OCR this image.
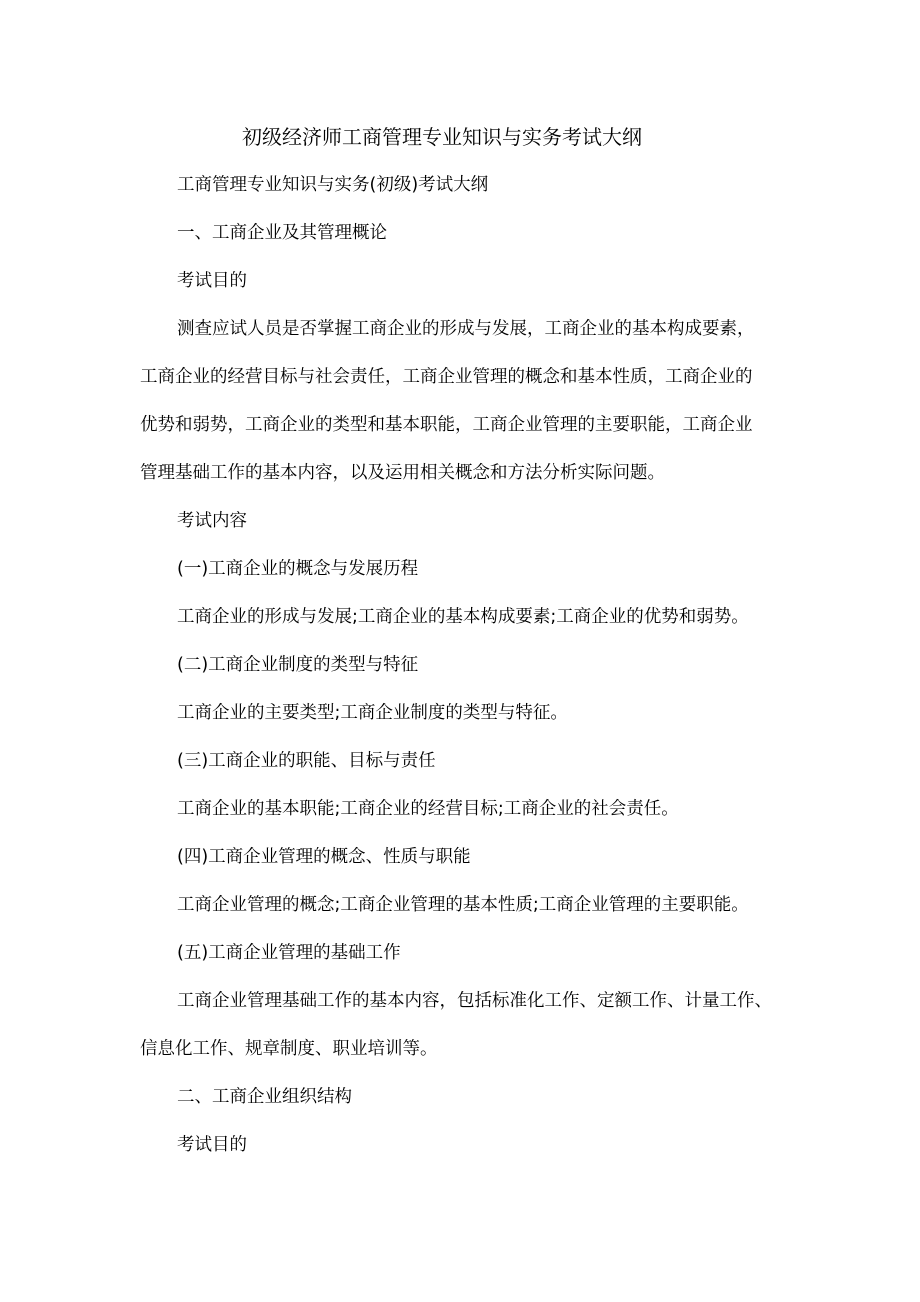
初级经济师工商管理专业知识与实务考试大纲
工商管理专业知识与实务(初级)考试大纲
一、工商企业及其管理概论
考试目的
测查应试人员是否掌握工商企业的形成与发展，工商企业的基本构成要素，
工商企业的经营目标与社会责任，工商企业管理的概念和基本性质，工商企业的
优势和弱势，工商企业的类型和基本职能，工商企业管理的主要职能，工商企业
管理基础工作的基本内容，以及运用相关概念和方法分析实际问题。
考试内容
(一)工商企业的概念与发展历程
工商企业的形成与发展;工商企业的基本构成要素;工商企业的优势和弱势。
(二)工商企业制度的类型与特征
工商企业的主要类型;工商企业制度的类型与特征。
(三)工商企业的职能、目标与责任
工商企业的基本职能;工商企业的经营目标;工商企业的社会责任。
(四)工商企业管理的概念、性质与职能
工商企业管理的概念;工商企业管理的基本性质;工商企业管理的主要职能。
(五)工商企业管理的基础工作
工商企业管理基础工作的基本内容，包括标准化工作、定额工作、计量工作、
信息化工作、规章制度、职业培训等。
二、工商企业组织结构
考试目的
